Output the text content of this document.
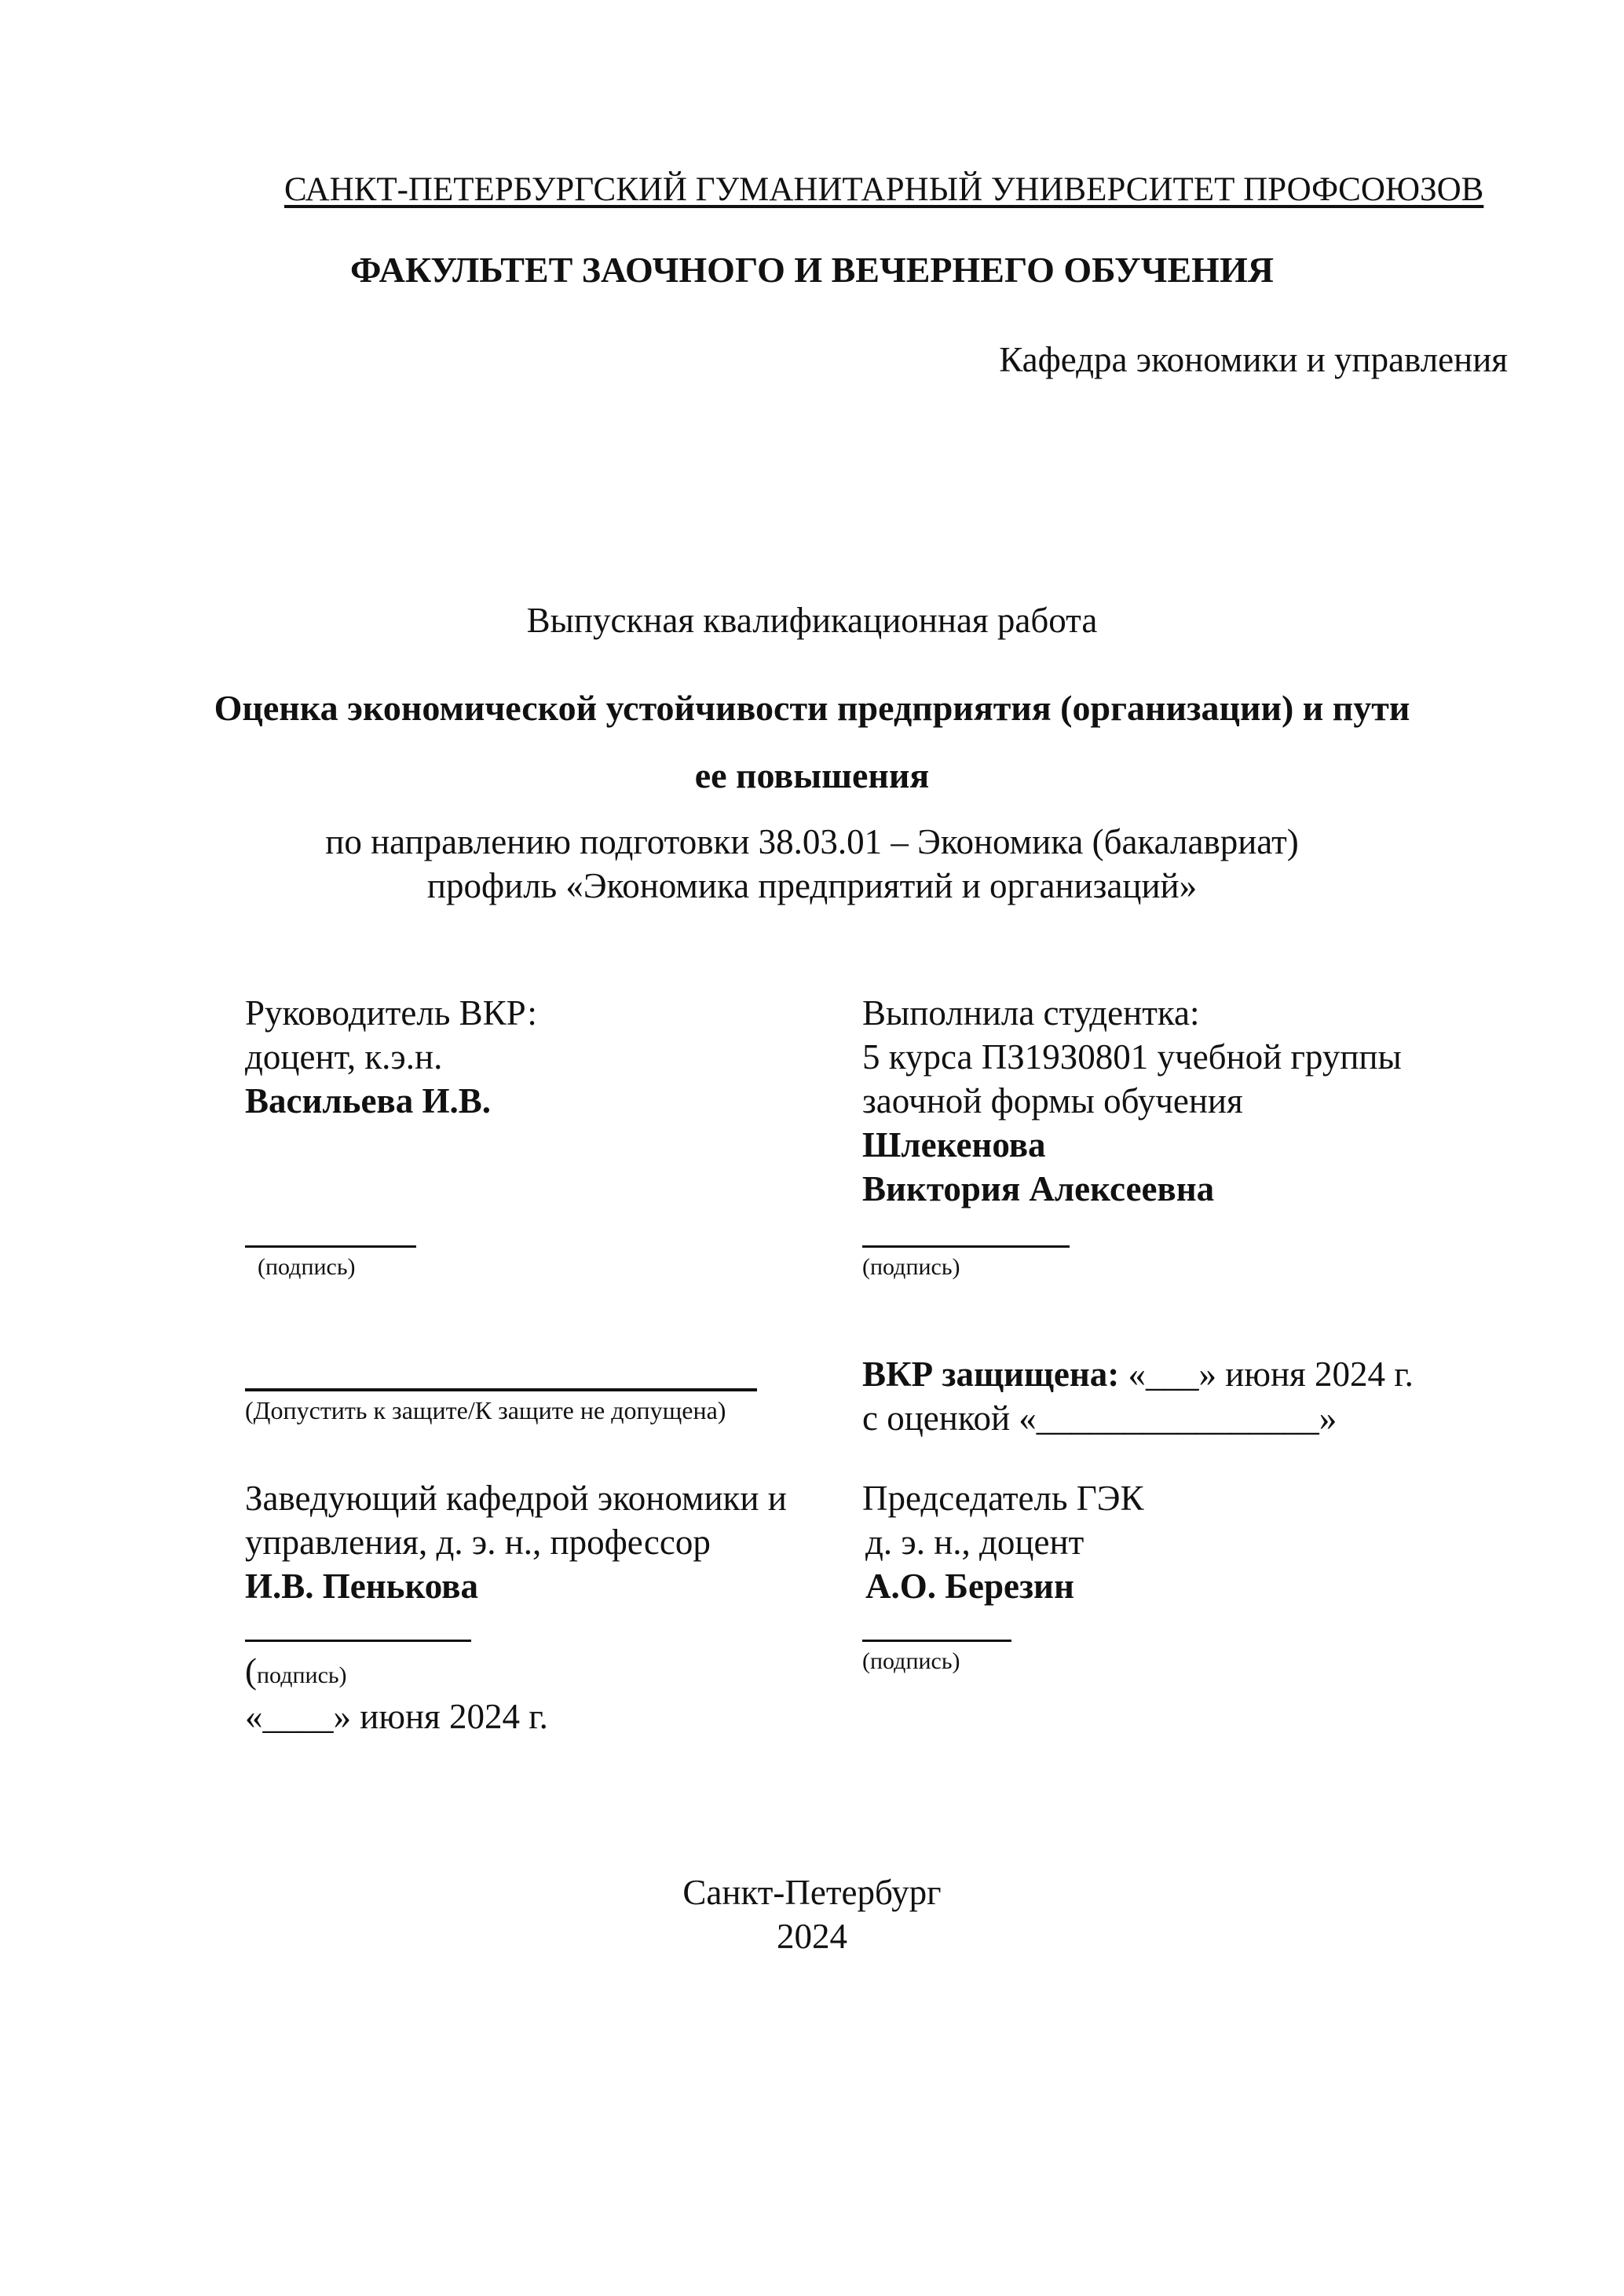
САНКТ-ПЕТЕРБУРГСКИЙ ГУМАНИТАРНЫЙ УНИВЕРСИТЕТ ПРОФСОЮЗОВ
ФАКУЛЬТЕТ ЗАОЧНОГО И ВЕЧЕРНЕГО ОБУЧЕНИЯ
Кафедра экономики и управления
Выпускная квалификационная работа
Оценка экономической устойчивости предприятия (организации) и пути
ее повышения
по направлению подготовки 38.03.01 – Экономика (бакалавриат)
профиль «Экономика предприятий и организаций»
Руководитель ВКР:
доцент, к.э.н.
Васильева И.В.
(подпись)
Выполнила студентка:
5 курса ПЗ19З0801 учебной группы
заочной формы обучения
Шлекенова
Виктория Алексеевна
(подпись)
(Допустить к защите/К защите не допущена)
ВКР защищена: «___» июня 2024 г.
с оценкой «________________»
Заведующий кафедрой экономики и
управления, д. э. н., профессор
И.В. Пенькова
(подпись)
«____» июня 2024 г.
Председатель ГЭК
д. э. н., доцент
А.О. Березин
(подпись)
Санкт-Петербург
2024
